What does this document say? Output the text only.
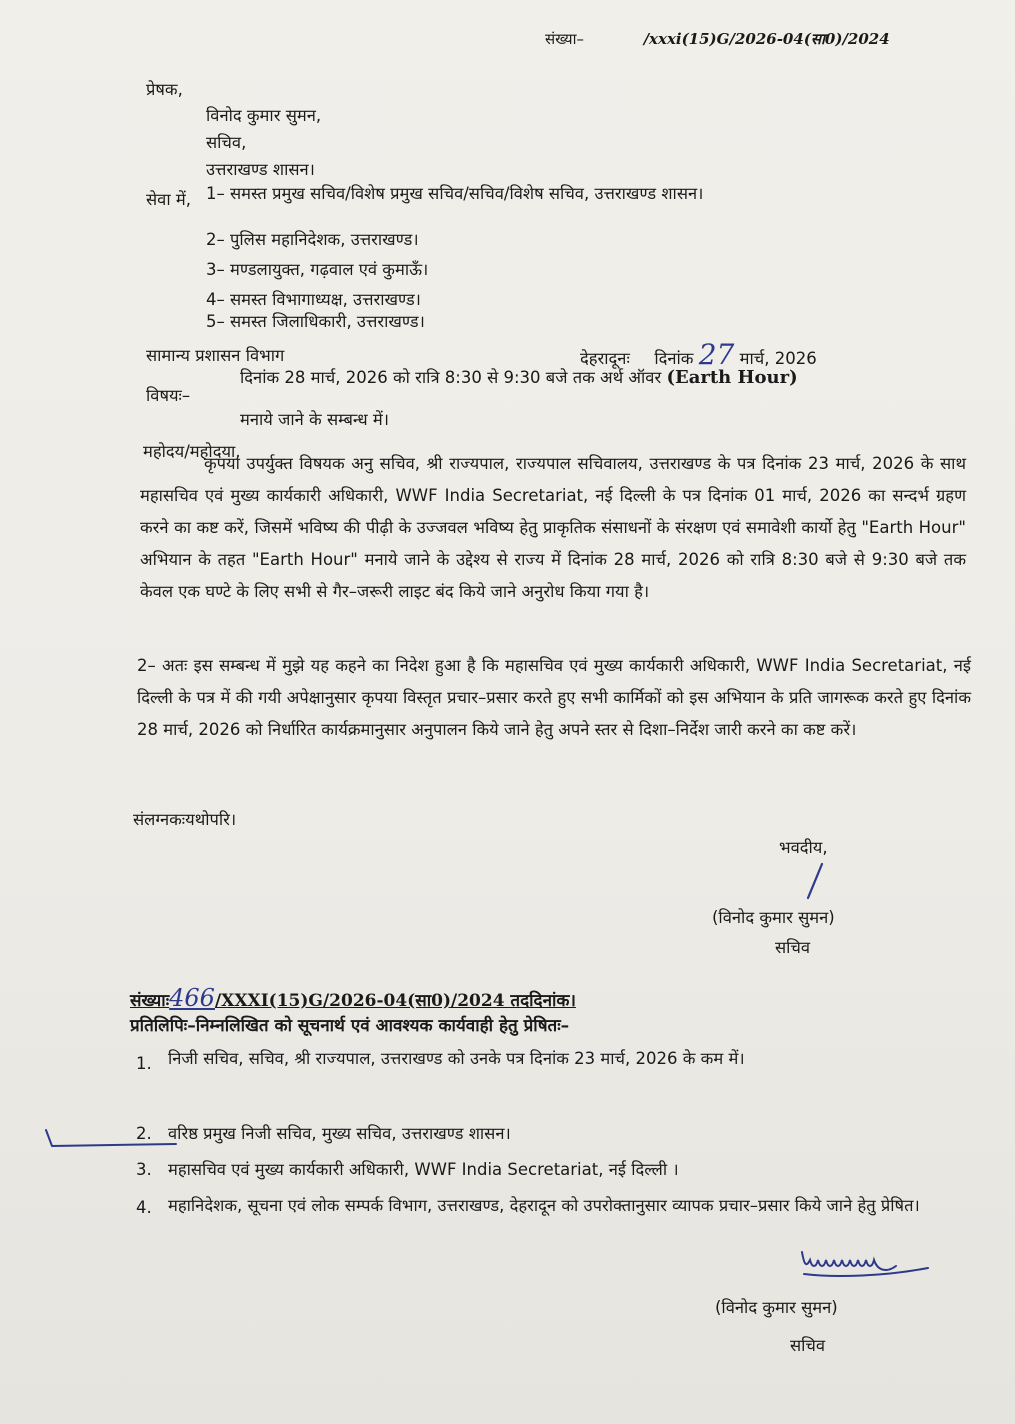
संख्या–	/xxxi(15)G/2026-04(सा0)/2024
प्रेषक,
विनोद कुमार सुमन,
सचिव,
उत्तराखण्ड शासन।
सेवा में, 1– समस्त प्रमुख सचिव/विशेष प्रमुख सचिव/सचिव/विशेष सचिव, उत्तराखण्ड शासन।
2– पुलिस महानिदेशक, उत्तराखण्ड।
3– मण्डलायुक्त, गढ़वाल एवं कुमाऊँ।
4– समस्त विभागाध्यक्ष, उत्तराखण्ड।
5– समस्त जिलाधिकारी, उत्तराखण्ड।
सामान्य प्रशासन विभाग	देहरादूनः दिनांक 27 मार्च, 2026
विषयः–
दिनांक 28 मार्च, 2026 को रात्रि 8:30 से 9:30 बजे तक अर्थ ऑवर (Earth Hour)
मनाये जाने के सम्बन्ध में।
महोदय/महोदया,
कृपया उपर्युक्त विषयक अनु सचिव, श्री राज्यपाल, राज्यपाल सचिवालय, उत्तराखण्ड के पत्र दिनांक 23 मार्च, 2026 के साथ महासचिव एवं मुख्य कार्यकारी अधिकारी, WWF India Secretariat, नई दिल्ली के पत्र दिनांक 01 मार्च, 2026 का सन्दर्भ ग्रहण करने का कष्ट करें, जिसमें भविष्य की पीढ़ी के उज्जवल भविष्य हेतु प्राकृतिक संसाधनों के संरक्षण एवं समावेशी कार्यो हेतु "Earth Hour" अभियान के तहत "Earth Hour" मनाये जाने के उद्देश्य से राज्य में दिनांक 28 मार्च, 2026 को रात्रि 8:30 बजे से 9:30 बजे तक केवल एक घण्टे के लिए सभी से गैर–जरूरी लाइट बंद किये जाने अनुरोध किया गया है।
2– अतः इस सम्बन्ध में मुझे यह कहने का निदेश हुआ है कि महासचिव एवं मुख्य कार्यकारी अधिकारी, WWF India Secretariat, नई दिल्ली के पत्र में की गयी अपेक्षानुसार कृपया विस्तृत प्रचार–प्रसार करते हुए सभी कार्मिकों को इस अभियान के प्रति जागरूक करते हुए दिनांक 28 मार्च, 2026 को निर्धारित कार्यक्रमानुसार अनुपालन किये जाने हेतु अपने स्तर से दिशा–निर्देश जारी करने का कष्ट करें।
संलग्नकःयथोपरि।
भवदीय,
(विनोद कुमार सुमन)
सचिव
संख्याः466/XXXI(15)G/2026-04(सा0)/2024 तददिनांक।
प्रतिलिपिः–निम्नलिखित को सूचनार्थ एवं आवश्यक कार्यवाही हेतु प्रेषितः–
1. निजी सचिव, सचिव, श्री राज्यपाल, उत्तराखण्ड को उनके पत्र दिनांक 23 मार्च, 2026 के कम में।
2. वरिष्ठ प्रमुख निजी सचिव, मुख्य सचिव, उत्तराखण्ड शासन।
3. महासचिव एवं मुख्य कार्यकारी अधिकारी, WWF India Secretariat, नई दिल्ली ।
4. महानिदेशक, सूचना एवं लोक सम्पर्क विभाग, उत्तराखण्ड, देहरादून को उपरोक्तानुसार व्यापक प्रचार–प्रसार किये जाने हेतु प्रेषित।
(विनोद कुमार सुमन)
सचिव
